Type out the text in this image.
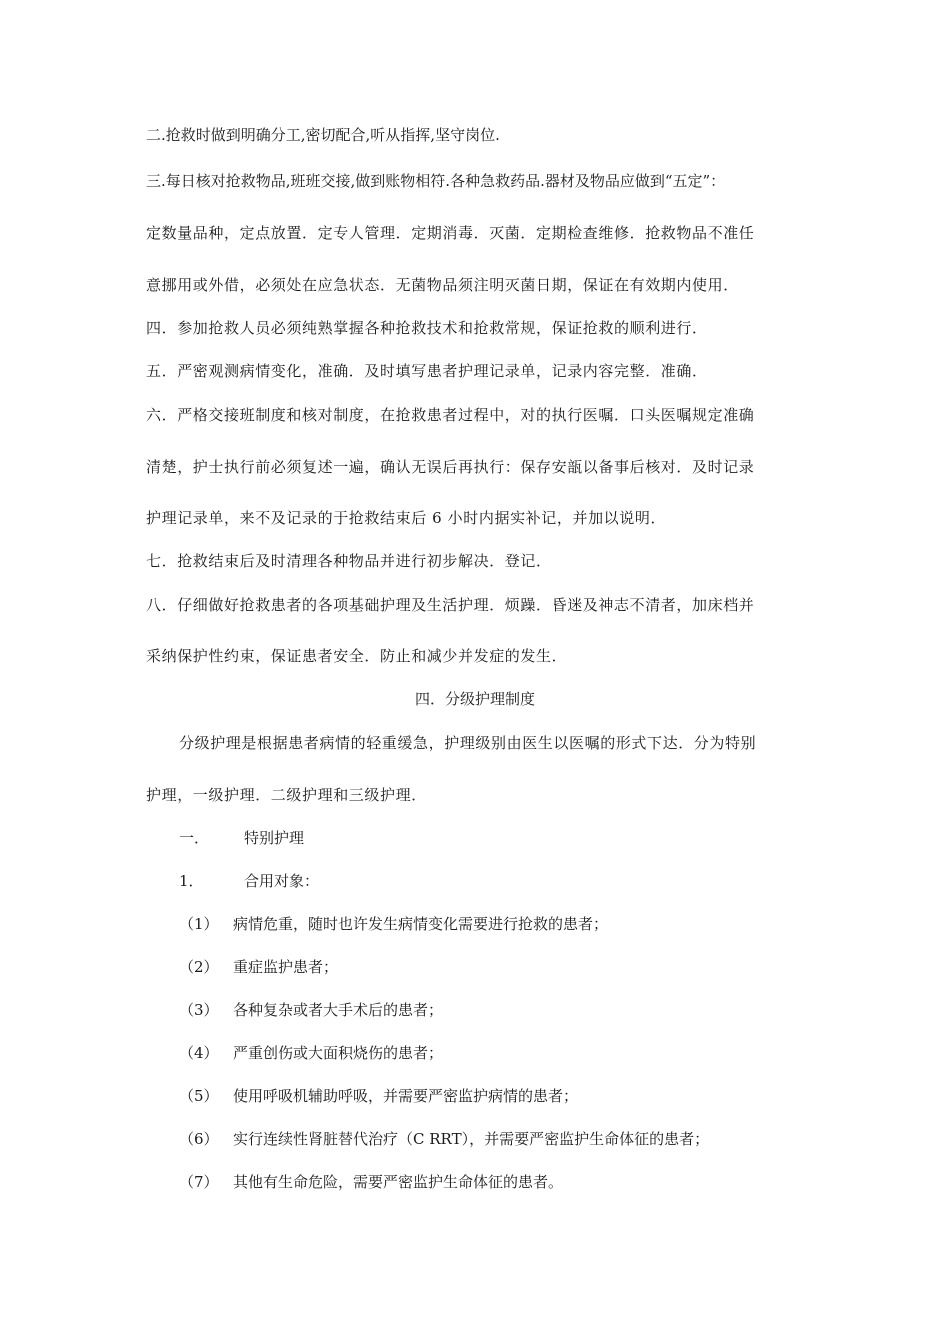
二.抢救时做到明确分工,密切配合,听从指挥,坚守岗位.
三.每日核对抢救物品,班班交接,做到账物相符.各种急救药品.器材及物品应做到“五定”：
定数量品种，定点放置．定专人管理．定期消毒．灭菌．定期检查维修．抢救物品不准任
意挪用或外借，必须处在应急状态．无菌物品须注明灭菌日期，保证在有效期内使用．
四．参加抢救人员必须纯熟掌握各种抢救技术和抢救常规，保证抢救的顺利进行．
五．严密观测病情变化，准确．及时填写患者护理记录单，记录内容完整．准确．
六．严格交接班制度和核对制度，在抢救患者过程中，对的执行医嘱．口头医嘱规定准确
清楚，护士执行前必须复述一遍，确认无误后再执行：保存安瓿以备事后核对．及时记录
护理记录单，来不及记录的于抢救结束后 6 小时内据实补记，并加以说明．
七．抢救结束后及时清理各种物品并进行初步解决．登记．
八．仔细做好抢救患者的各项基础护理及生活护理．烦躁．昏迷及神志不清者，加床档并
采纳保护性约束，保证患者安全．防止和减少并发症的发生．
四．分级护理制度
分级护理是根据患者病情的轻重缓急，护理级别由医生以医嘱的形式下达．分为特别
护理，一级护理．二级护理和三级护理．
一． 特别护理
1．	合用对象：
（1） 病情危重，随时也许发生病情变化需要进行抢救的患者；
（2） 重症监护患者；
（3） 各种复杂或者大手术后的患者；
（4） 严重创伤或大面积烧伤的患者；
（5） 使用呼吸机辅助呼吸，并需要严密监护病情的患者；
（6） 实行连续性肾脏替代治疗（C RRT），并需要严密监护生命体征的患者；
（7） 其他有生命危险，需要严密监护生命体征的患者。
